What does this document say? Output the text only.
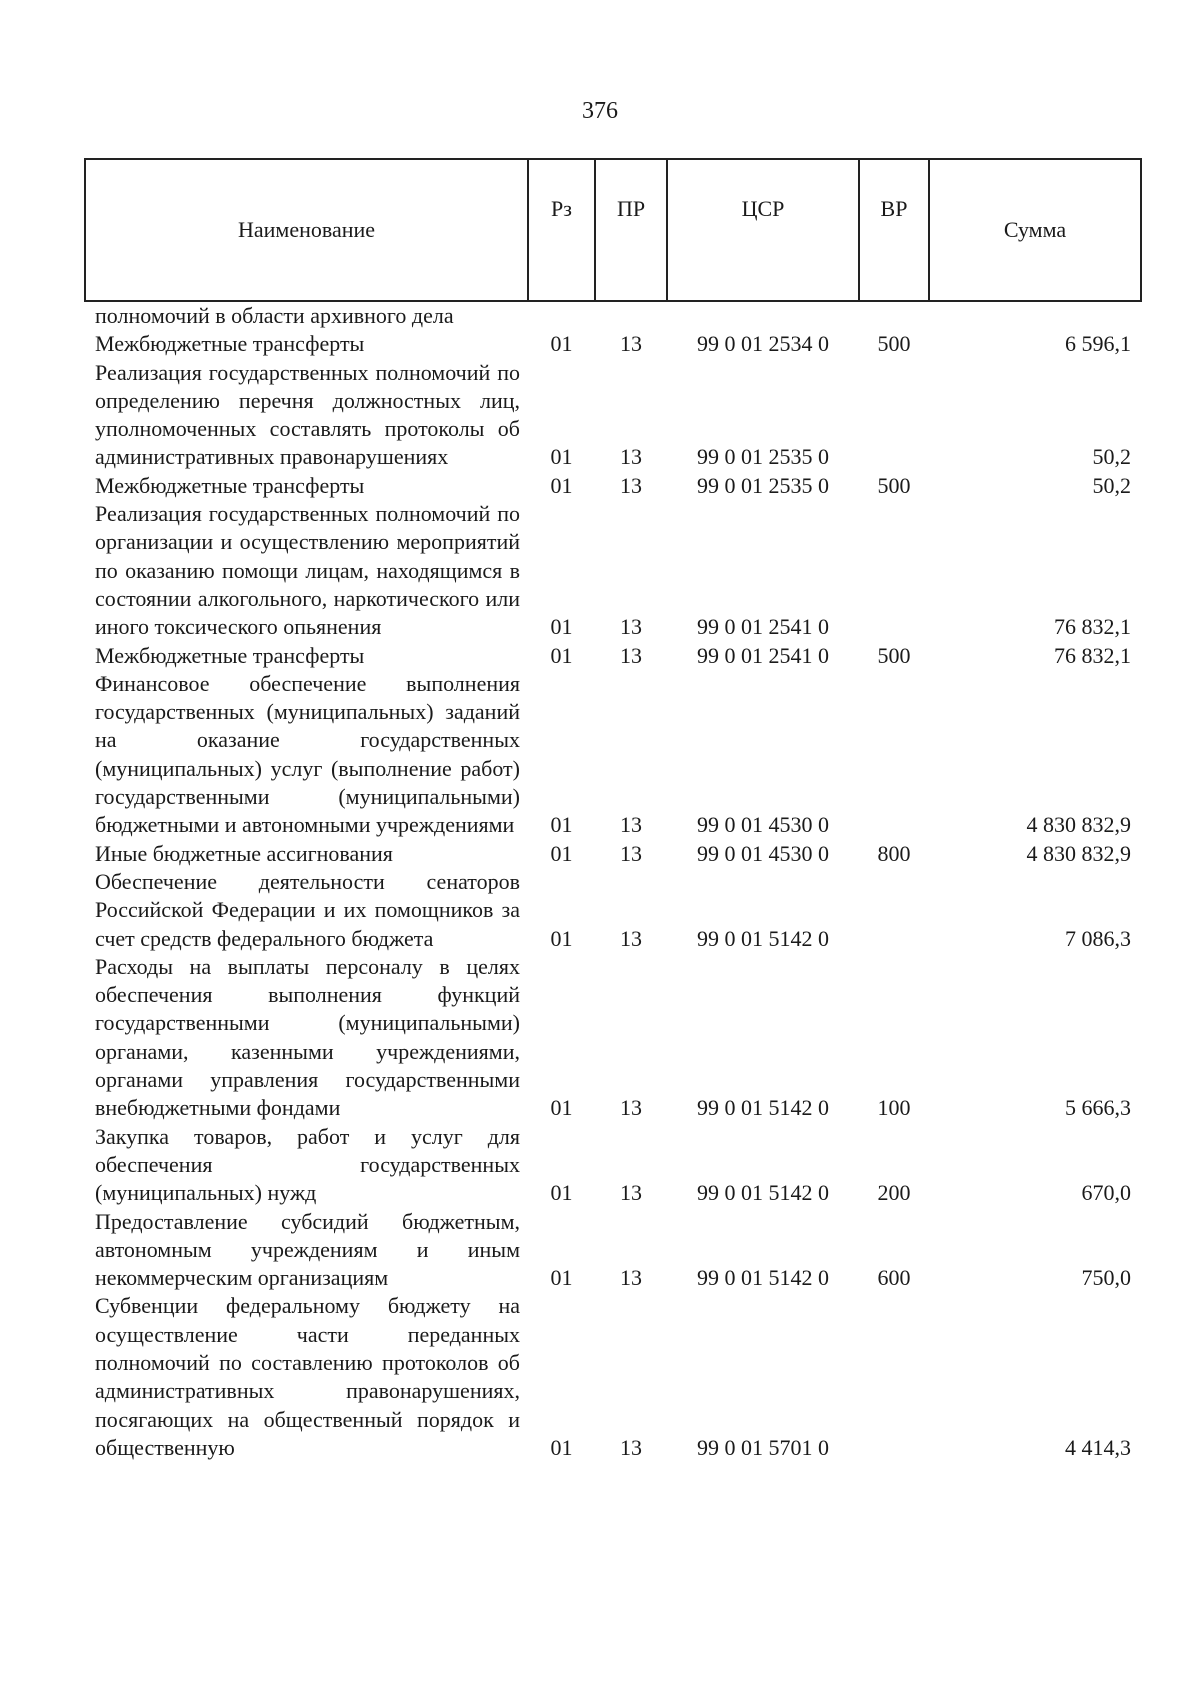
376
Наименование	Рз	ПР	ЦСР	ВР	Сумма
полномочий в области архивного дела					
Межбюджетные трансферты	01	13	99 0 01 2534 0	500	6 596,1
Реализация государственных полномочий по определению перечня должностных лиц, уполномоченных составлять протоколы об административных правонарушениях	01	13	99 0 01 2535 0		50,2
Межбюджетные трансферты	01	13	99 0 01 2535 0	500	50,2
Реализация государственных полномочий по организации и осуществлению мероприятий по оказанию помощи лицам, находящимся в состоянии алкогольного, наркотического или иного токсического опьянения	01	13	99 0 01 2541 0		76 832,1
Межбюджетные трансферты	01	13	99 0 01 2541 0	500	76 832,1
Финансовое обеспечение выполнения государственных (муниципальных) заданий на оказание государственных (муниципальных) услуг (выполнение работ) государственными (муниципальными) бюджетными и автономными учреждениями	01	13	99 0 01 4530 0		4 830 832,9
Иные бюджетные ассигнования	01	13	99 0 01 4530 0	800	4 830 832,9
Обеспечение деятельности сенаторов Российской Федерации и их помощников за счет средств федерального бюджета	01	13	99 0 01 5142 0		7 086,3
Расходы на выплаты персоналу в целях обеспечения выполнения функций государственными (муниципальными) органами, казенными учреждениями, органами управления государственными внебюджетными фондами	01	13	99 0 01 5142 0	100	5 666,3
Закупка товаров, работ и услуг для обеспечения государственных (муниципальных) нужд	01	13	99 0 01 5142 0	200	670,0
Предоставление субсидий бюджетным, автономным учреждениям и иным некоммерческим организациям	01	13	99 0 01 5142 0	600	750,0
Субвенции федеральному бюджету на осуществление части переданных полномочий по составлению протоколов об административных правонарушениях, посягающих на общественный порядок и общественную	01	13	99 0 01 5701 0		4 414,3
